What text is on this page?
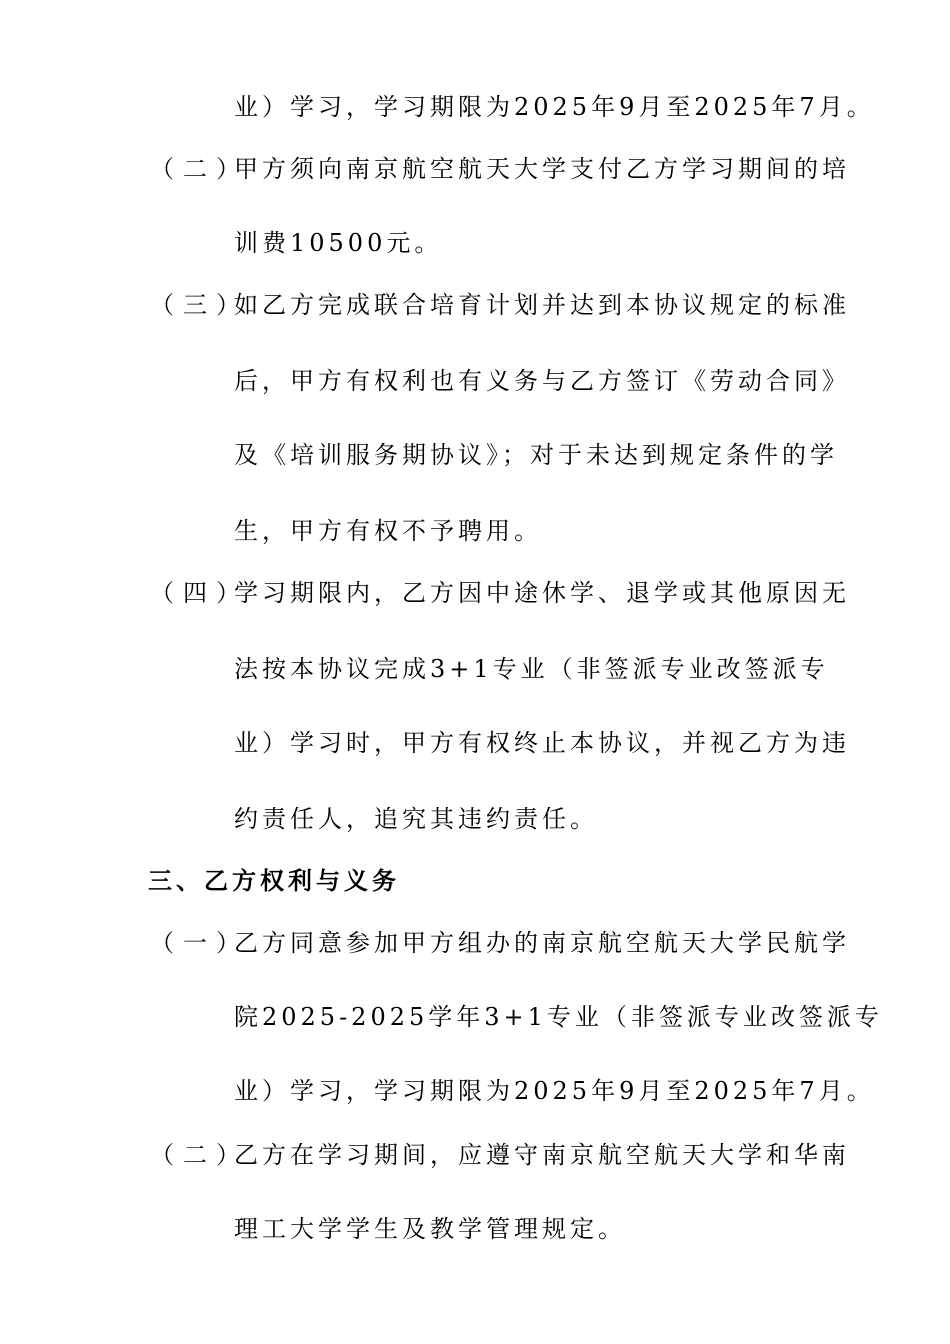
业）学习，学习期限为2025年9月至2025年7月。
（二）
甲方须向南京航空航天大学支付乙方学习期间的培
训费10500元。
（三）
如乙方完成联合培育计划并达到本协议规定的标准
后，甲方有权利也有义务与乙方签订《劳动合同》
及《培训服务期协议》；对于未达到规定条件的学
生，甲方有权不予聘用。
（四）
学习期限内，乙方因中途休学、退学或其他原因无
法按本协议完成3+1专业（非签派专业改签派专
业）学习时，甲方有权终止本协议，并视乙方为违
约责任人，追究其违约责任。
三、乙方权利与义务
（一）
乙方同意参加甲方组办的南京航空航天大学民航学
院2025-2025学年3+1专业（非签派专业改签派专
业）学习，学习期限为2025年9月至2025年7月。
（二）
乙方在学习期间，应遵守南京航空航天大学和华南
理工大学学生及教学管理规定。
